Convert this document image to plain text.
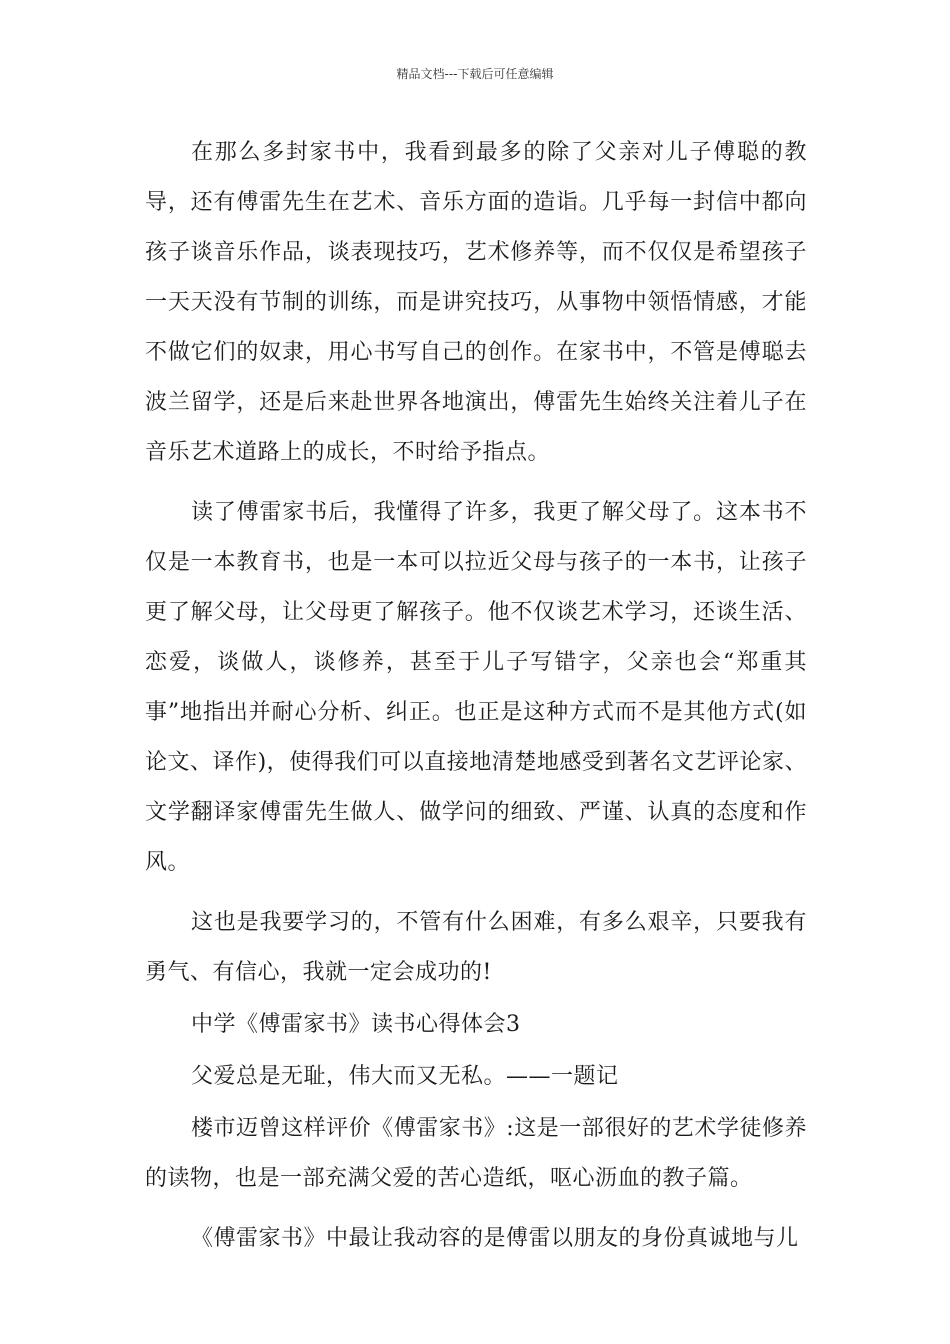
精品文档---下载后可任意编辑

在那么多封家书中，我看到最多的除了父亲对儿子傅聪的教导，还有傅雷先生在艺术、音乐方面的造诣。几乎每一封信中都向孩子谈音乐作品，谈表现技巧，艺术修养等，而不仅仅是希望孩子一天天没有节制的训练，而是讲究技巧，从事物中领悟情感，才能不做它们的奴隶，用心书写自己的创作。在家书中，不管是傅聪去波兰留学，还是后来赴世界各地演出，傅雷先生始终关注着儿子在音乐艺术道路上的成长，不时给予指点。

读了傅雷家书后，我懂得了许多，我更了解父母了。这本书不仅是一本教育书，也是一本可以拉近父母与孩子的一本书，让孩子更了解父母，让父母更了解孩子。他不仅谈艺术学习，还谈生活、恋爱，谈做人，谈修养，甚至于儿子写错字，父亲也会“郑重其事”地指出并耐心分析、纠正。也正是这种方式而不是其他方式(如论文、译作)，使得我们可以直接地清楚地感受到著名文艺评论家、文学翻译家傅雷先生做人、做学问的细致、严谨、认真的态度和作风。

这也是我要学习的，不管有什么困难，有多么艰辛，只要我有勇气、有信心，我就一定会成功的!

中学《傅雷家书》读书心得体会3

父爱总是无耻，伟大而又无私。——一题记

楼市迈曾这样评价《傅雷家书》:这是一部很好的艺术学徒修养的读物，也是一部充满父爱的苦心造纸，呕心沥血的教子篇。

《傅雷家书》中最让我动容的是傅雷以朋友的身份真诚地与儿
